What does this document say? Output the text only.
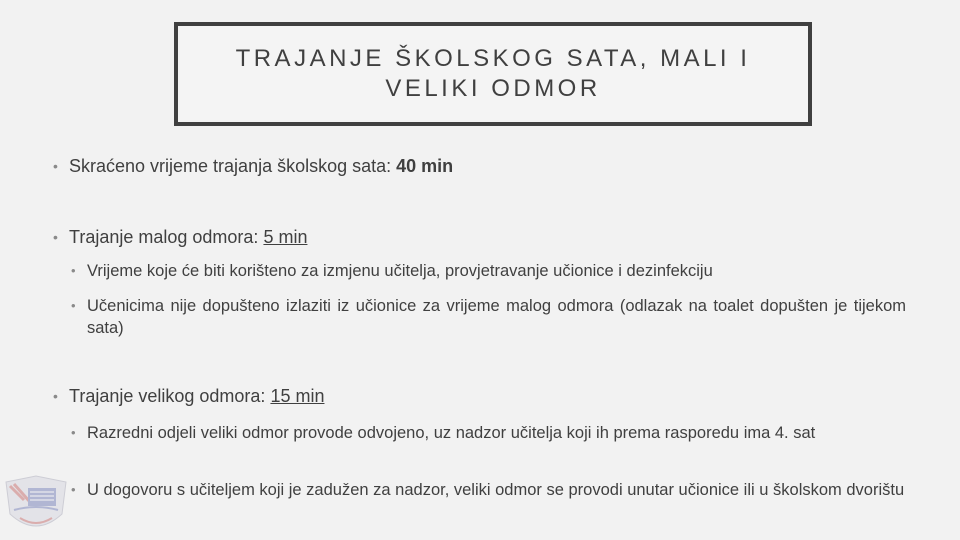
TRAJANJE ŠKOLSKOG SATA, MALI I
VELIKI ODMOR
• Skraćeno vrijeme trajanja školskog sata: 40 min
• Trajanje malog odmora: 5 min
• Vrijeme koje će biti korišteno za izmjenu učitelja, provjetravanje učionice i dezinfekciju
• Učenicima nije dopušteno izlaziti iz učionice za vrijeme malog odmora (odlazak na toalet dopušten je tijekom sata)
• Trajanje velikog odmora: 15 min
• Razredni odjeli veliki odmor provode odvojeno, uz nadzor učitelja koji ih prema rasporedu ima 4. sat
• U dogovoru s učiteljem koji je zadužen za nadzor, veliki odmor se provodi unutar učionice ili u školskom dvorištu
